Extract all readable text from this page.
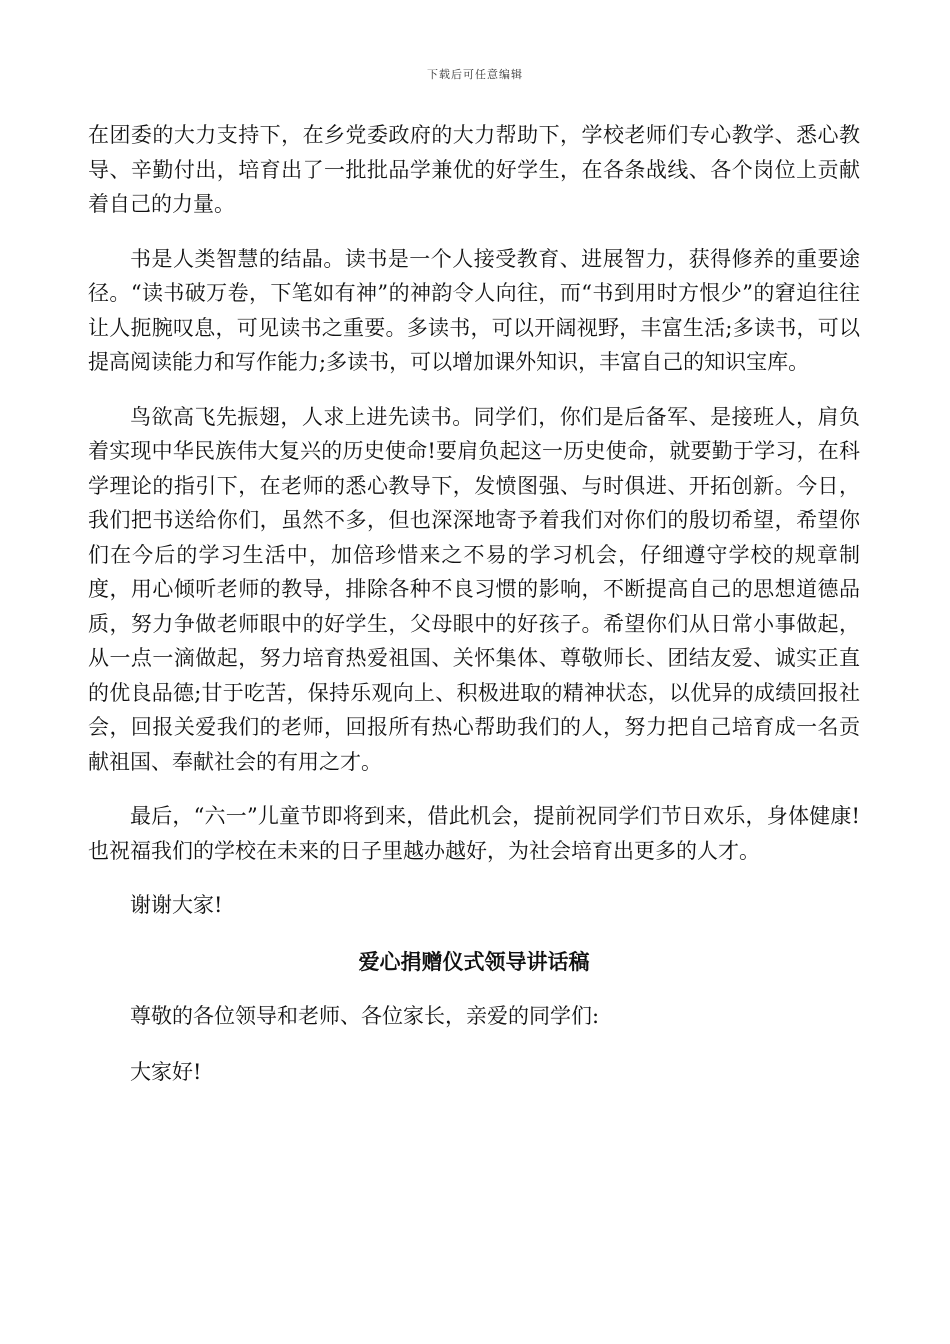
下载后可任意编辑

在团委的大力支持下，在乡党委政府的大力帮助下，学校老师们专心教学、悉心教导、辛勤付出，培育出了一批批品学兼优的好学生，在各条战线、各个岗位上贡献着自己的力量。

书是人类智慧的结晶。读书是一个人接受教育、进展智力，获得修养的重要途径。“读书破万卷，下笔如有神”的神韵令人向往，而“书到用时方恨少”的窘迫往往让人扼腕叹息，可见读书之重要。多读书，可以开阔视野，丰富生活;多读书，可以提高阅读能力和写作能力;多读书，可以增加课外知识，丰富自己的知识宝库。

鸟欲高飞先振翅，人求上进先读书。同学们，你们是后备军、是接班人，肩负着实现中华民族伟大复兴的历史使命!要肩负起这一历史使命，就要勤于学习，在科学理论的指引下，在老师的悉心教导下，发愤图强、与时俱进、开拓创新。今日，我们把书送给你们，虽然不多，但也深深地寄予着我们对你们的殷切希望，希望你们在今后的学习生活中，加倍珍惜来之不易的学习机会，仔细遵守学校的规章制度，用心倾听老师的教导，排除各种不良习惯的影响，不断提高自己的思想道德品质，努力争做老师眼中的好学生，父母眼中的好孩子。希望你们从日常小事做起，从一点一滴做起，努力培育热爱祖国、关怀集体、尊敬师长、团结友爱、诚实正直的优良品德;甘于吃苦，保持乐观向上、积极进取的精神状态，以优异的成绩回报社会，回报关爱我们的老师，回报所有热心帮助我们的人，努力把自己培育成一名贡献祖国、奉献社会的有用之才。

最后，“六一”儿童节即将到来，借此机会，提前祝同学们节日欢乐，身体健康!也祝福我们的学校在未来的日子里越办越好，为社会培育出更多的人才。

谢谢大家!

爱心捐赠仪式领导讲话稿

尊敬的各位领导和老师、各位家长，亲爱的同学们:

大家好!
